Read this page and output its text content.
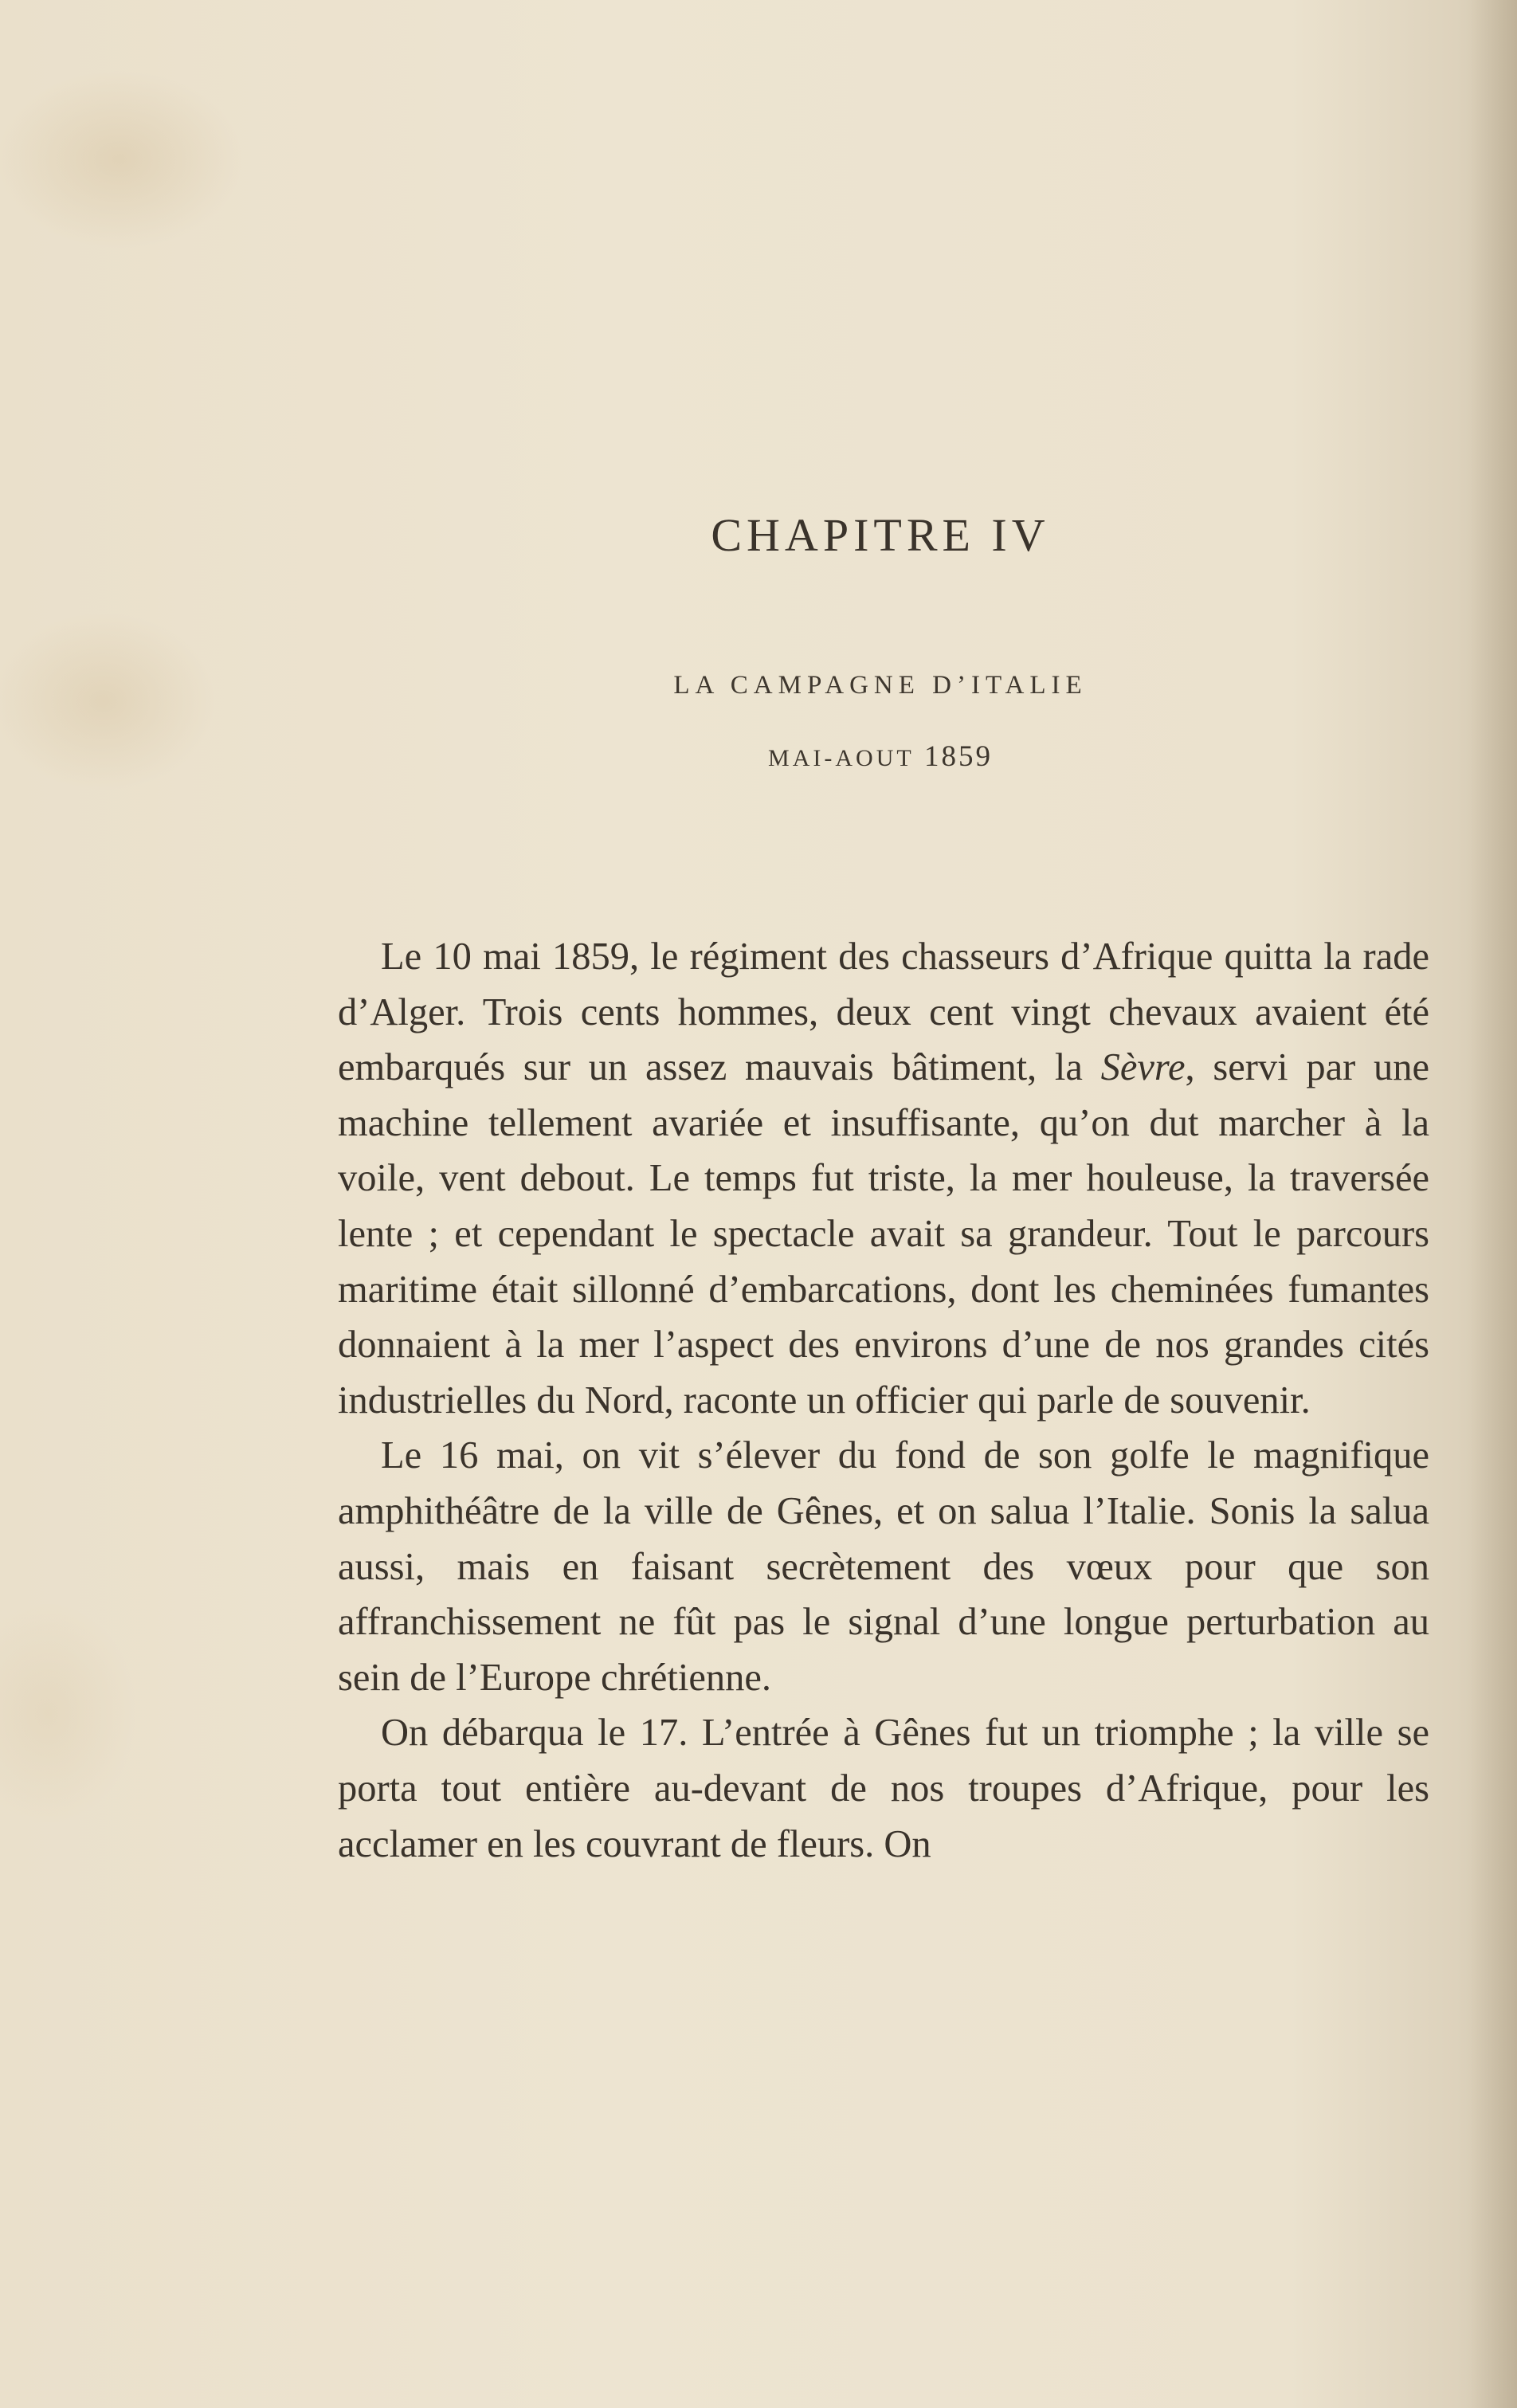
CHAPITRE IV
LA CAMPAGNE D’ITALIE
MAI-AOUT 1859

Le 10 mai 1859, le régiment des chasseurs d’Afrique quitta la rade d’Alger. Trois cents hommes, deux cent vingt chevaux avaient été embarqués sur un assez mauvais bâtiment, la Sèvre, servi par une machine tellement avariée et insuffisante, qu’on dut marcher à la voile, vent debout. Le temps fut triste, la mer houleuse, la traversée lente ; et cependant le spectacle avait sa grandeur. Tout le parcours maritime était sillonné d’embarcations, dont les cheminées fumantes donnaient à la mer l’aspect des environs d’une de nos grandes cités industrielles du Nord, raconte un officier qui parle de souvenir.

Le 16 mai, on vit s’élever du fond de son golfe le magnifique amphithéâtre de la ville de Gênes, et on salua l’Italie. Sonis la salua aussi, mais en faisant secrètement des vœux pour que son affranchissement ne fût pas le signal d’une longue perturbation au sein de l’Europe chrétienne.

On débarqua le 17. L’entrée à Gênes fut un triomphe ; la ville se porta tout entière au-devant de nos troupes d’Afrique, pour les acclamer en les couvrant de fleurs. On
